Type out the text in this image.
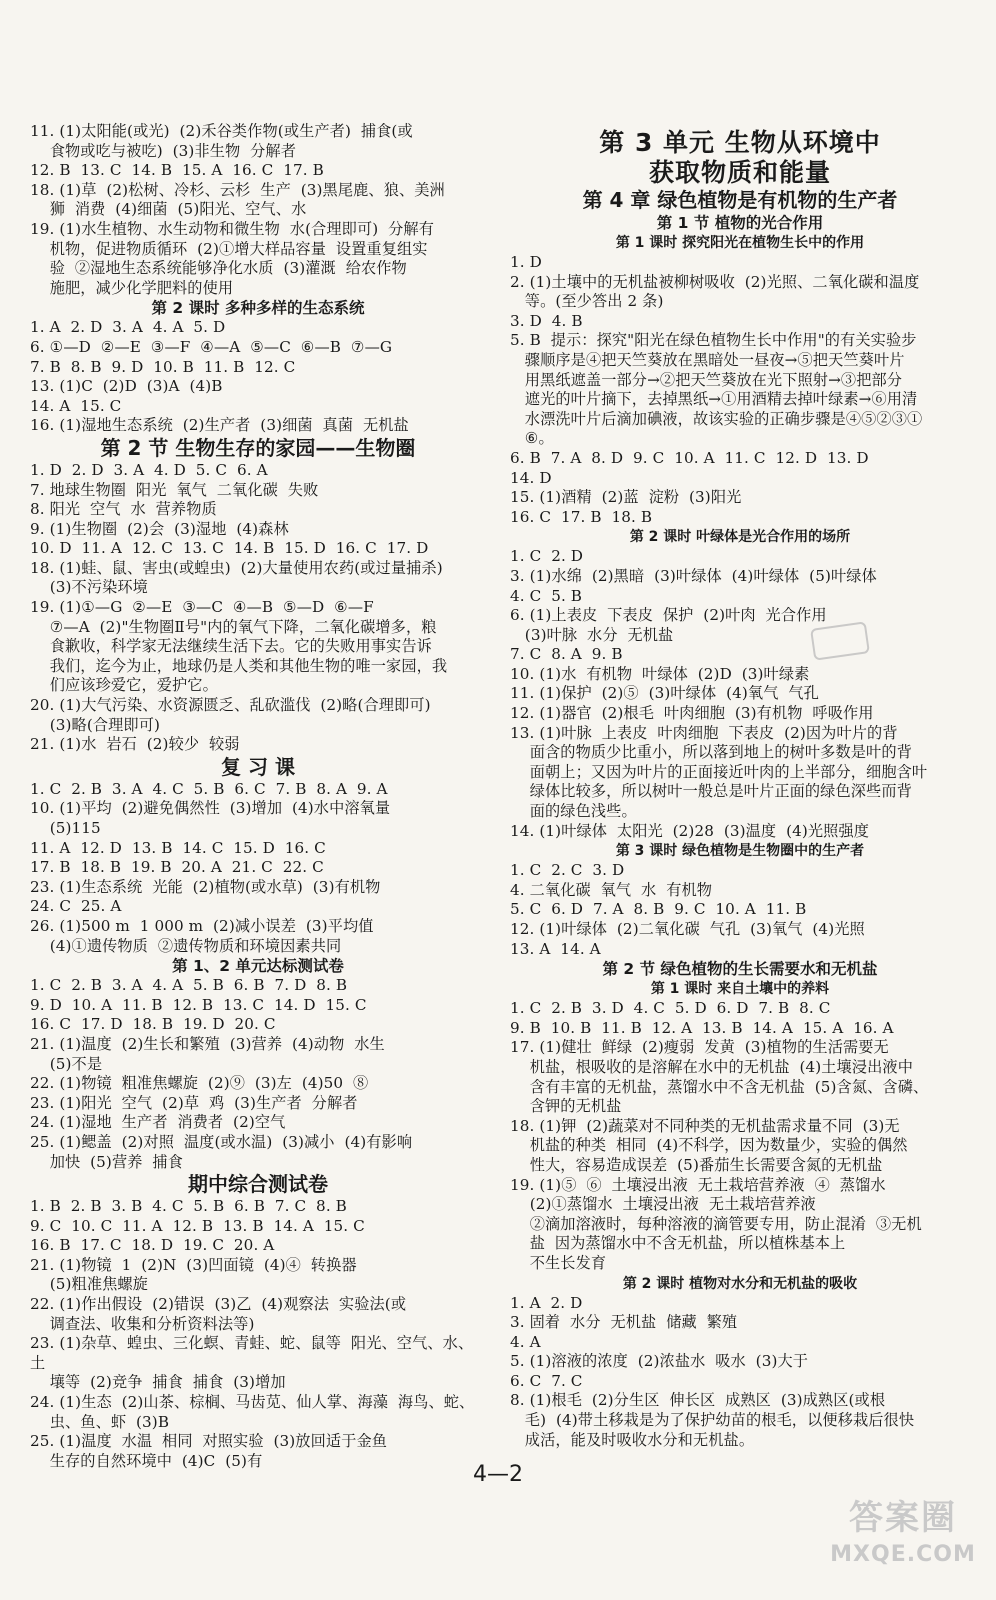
11. (1)太阳能(或光)  (2)禾谷类作物(或生产者)  捕食(或
食物或吃与被吃)  (3)非生物  分解者
12. B  13. C  14. B  15. A  16. C  17. B
18. (1)草  (2)松树、冷杉、云杉  生产  (3)黑尾鹿、狼、美洲
狮  消费  (4)细菌  (5)阳光、空气、水
19. (1)水生植物、水生动物和微生物  水(合理即可)  分解有
机物，促进物质循环  (2)①增大样品容量  设置重复组实
验  ②湿地生态系统能够净化水质  (3)灌溉  给农作物
施肥，减少化学肥料的使用
第 2 课时 多种多样的生态系统
1. A  2. D  3. A  4. A  5. D
6. ①—D  ②—E  ③—F  ④—A  ⑤—C  ⑥—B  ⑦—G
7. B  8. B  9. D  10. B  11. B  12. C
13. (1)C  (2)D  (3)A  (4)B
14. A  15. C
16. (1)湿地生态系统  (2)生产者  (3)细菌  真菌  无机盐
第 2 节 生物生存的家园——生物圈
1. D  2. D  3. A  4. D  5. C  6. A
7. 地球生物圈  阳光  氧气  二氧化碳  失败
8. 阳光  空气  水  营养物质
9. (1)生物圈  (2)会  (3)湿地  (4)森林
10. D  11. A  12. C  13. C  14. B  15. D  16. C  17. D
18. (1)蛙、鼠、害虫(或蝗虫)  (2)大量使用农药(或过量捕杀)
(3)不污染环境
19. (1)①—G  ②—E  ③—C  ④—B  ⑤—D  ⑥—F
⑦—A  (2)"生物圈Ⅱ号"内的氧气下降，二氧化碳增多，粮
食歉收，科学家无法继续生活下去。它的失败用事实告诉
我们，迄今为止，地球仍是人类和其他生物的唯一家园，我
们应该珍爱它，爱护它。
20. (1)大气污染、水资源匮乏、乱砍滥伐  (2)略(合理即可)
(3)略(合理即可)
21. (1)水  岩石  (2)较少  较弱
复 习 课
1. C  2. B  3. A  4. C  5. B  6. C  7. B  8. A  9. A
10. (1)平均  (2)避免偶然性  (3)增加  (4)水中溶氧量
(5)115
11. A  12. D  13. B  14. C  15. D  16. C
17. B  18. B  19. B  20. A  21. C  22. C
23. (1)生态系统  光能  (2)植物(或水草)  (3)有机物
24. C  25. A
26. (1)500 m  1 000 m  (2)减小误差  (3)平均值
(4)①遗传物质  ②遗传物质和环境因素共同
第 1、2 单元达标测试卷
1. C  2. B  3. A  4. A  5. B  6. B  7. D  8. B
9. D  10. A  11. B  12. B  13. C  14. D  15. C
16. C  17. D  18. B  19. D  20. C
21. (1)温度  (2)生长和繁殖  (3)营养  (4)动物  水生
(5)不是
22. (1)物镜  粗准焦螺旋  (2)⑨  (3)左  (4)50  ⑧
23. (1)阳光  空气  (2)草  鸡  (3)生产者  分解者
24. (1)湿地  生产者  消费者  (2)空气
25. (1)鳃盖  (2)对照  温度(或水温)  (3)减小  (4)有影响
加快  (5)营养  捕食
期中综合测试卷
1. B  2. B  3. B  4. C  5. B  6. B  7. C  8. B
9. C  10. C  11. A  12. B  13. B  14. A  15. C
16. B  17. C  18. D  19. C  20. A
21. (1)物镜  1  (2)N  (3)凹面镜  (4)④  转换器
(5)粗准焦螺旋
22. (1)作出假设  (2)错误  (3)乙  (4)观察法  实验法(或
调查法、收集和分析资料法等)
23. (1)杂草、蝗虫、三化螟、青蛙、蛇、鼠等  阳光、空气、水、土
壤等  (2)竞争  捕食  捕食  (3)增加
24. (1)生态  (2)山茶、棕榈、马齿苋、仙人掌、海藻  海鸟、蛇、
虫、鱼、虾  (3)B
25. (1)温度  水温  相同  对照实验  (3)放回适于金鱼
生存的自然环境中  (4)C  (5)有
第 3 单元 生物从环境中
获取物质和能量
第 4 章 绿色植物是有机物的生产者
第 1 节 植物的光合作用
第 1 课时 探究阳光在植物生长中的作用
1. D
2. (1)土壤中的无机盐被柳树吸收  (2)光照、二氧化碳和温度
等。(至少答出 2 条)
3. D  4. B
5. B  提示：探究"阳光在绿色植物生长中作用"的有关实验步
骤顺序是④把天竺葵放在黑暗处一昼夜→⑤把天竺葵叶片
用黑纸遮盖一部分→②把天竺葵放在光下照射→③把部分
遮光的叶片摘下，去掉黑纸→①用酒精去掉叶绿素→⑥用清
水漂洗叶片后滴加碘液，故该实验的正确步骤是④⑤②③①
⑥。
6. B  7. A  8. D  9. C  10. A  11. C  12. D  13. D
14. D
15. (1)酒精  (2)蓝  淀粉  (3)阳光
16. C  17. B  18. B
第 2 课时 叶绿体是光合作用的场所
1. C  2. D
3. (1)水绵  (2)黑暗  (3)叶绿体  (4)叶绿体  (5)叶绿体
4. C  5. B
6. (1)上表皮  下表皮  保护  (2)叶肉  光合作用
(3)叶脉  水分  无机盐
7. C  8. A  9. B
10. (1)水  有机物  叶绿体  (2)D  (3)叶绿素
11. (1)保护  (2)⑤  (3)叶绿体  (4)氧气  气孔
12. (1)器官  (2)根毛  叶肉细胞  (3)有机物  呼吸作用
13. (1)叶脉  上表皮  叶肉细胞  下表皮  (2)因为叶片的背
面含的物质少比重小，所以落到地上的树叶多数是叶的背
面朝上；又因为叶片的正面接近叶肉的上半部分，细胞含叶
绿体比较多，所以树叶一般总是叶片正面的绿色深些而背
面的绿色浅些。
14. (1)叶绿体  太阳光  (2)28  (3)温度  (4)光照强度
第 3 课时 绿色植物是生物圈中的生产者
1. C  2. C  3. D
4. 二氧化碳  氧气  水  有机物
5. C  6. D  7. A  8. B  9. C  10. A  11. B
12. (1)叶绿体  (2)二氧化碳  气孔  (3)氧气  (4)光照
13. A  14. A
第 2 节 绿色植物的生长需要水和无机盐
第 1 课时 来自土壤中的养料
1. C  2. B  3. D  4. C  5. D  6. D  7. B  8. C
9. B  10. B  11. B  12. A  13. B  14. A  15. A  16. A
17. (1)健壮  鲜绿  (2)瘦弱  发黄  (3)植物的生活需要无
机盐，根吸收的是溶解在水中的无机盐  (4)土壤浸出液中
含有丰富的无机盐，蒸馏水中不含无机盐  (5)含氮、含磷、
含钾的无机盐
18. (1)钾  (2)蔬菜对不同种类的无机盐需求量不同  (3)无
机盐的种类  相同  (4)不科学，因为数量少，实验的偶然
性大，容易造成误差  (5)番茄生长需要含氮的无机盐
19. (1)⑤  ⑥  土壤浸出液  无土栽培营养液  ④  蒸馏水
(2)①蒸馏水  土壤浸出液  无土栽培营养液
②滴加溶液时，每种溶液的滴管要专用，防止混淆  ③无机
盐  因为蒸馏水中不含无机盐，所以植株基本上
不生长发育
第 2 课时 植物对水分和无机盐的吸收
1. A  2. D
3. 固着  水分  无机盐  储藏  繁殖
4. A
5. (1)溶液的浓度  (2)浓盐水  吸水  (3)大于
6. C  7. C
8. (1)根毛  (2)分生区  伸长区  成熟区  (3)成熟区(或根
毛)  (4)带土移栽是为了保护幼苗的根毛，以便移栽后很快
成活，能及时吸收水分和无机盐。
4—2
答案圈
MXQE.COM
